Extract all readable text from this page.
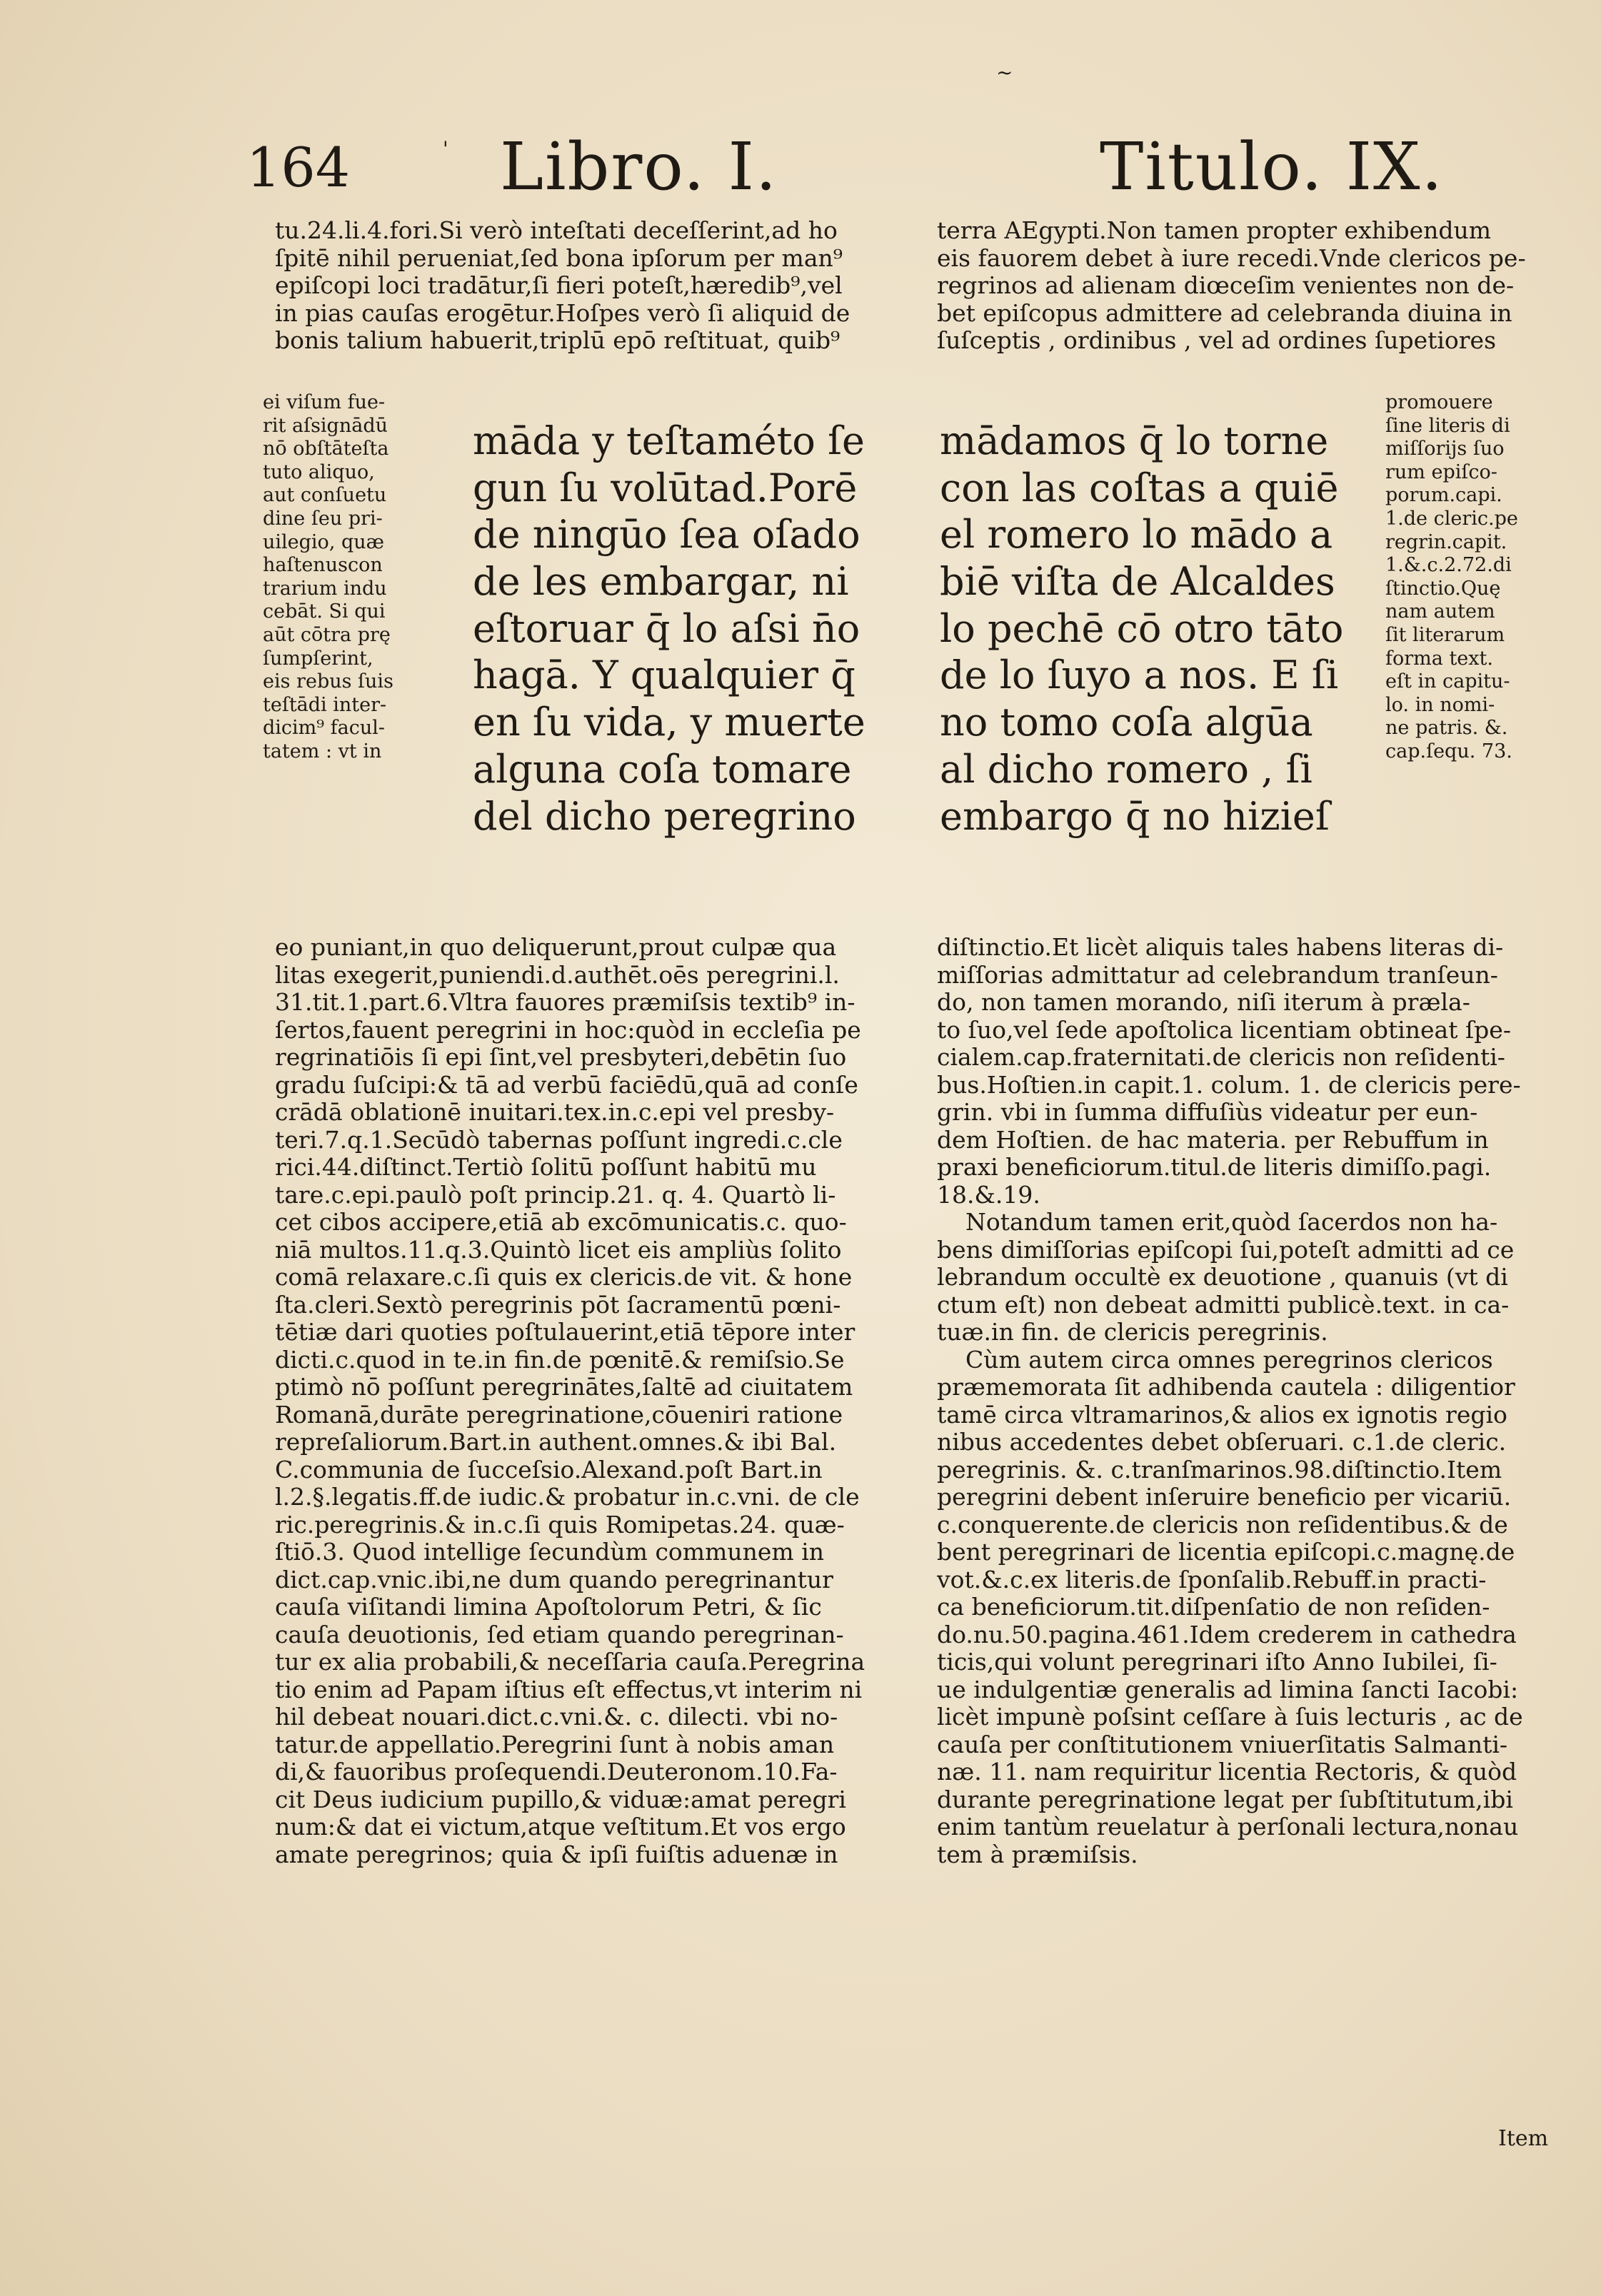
164 Libro. I.	Titulo. IX.
'
~
tu.24.li.4.fori.Si verò inteſtati deceſſerint,ad ho
ſpitē nihil perueniat,ſed bona ipſorum per man⁹
epiſcopi loci tradātur,ſi fieri poteſt,hæredib⁹,vel
in pias cauſas erogētur.Hoſpes verò ſi aliquid de
bonis talium habuerit,triplū epō reſtituat, quib⁹
ei viſum fue-
rit aſsignādū
nō obſtāteſta
tuto aliquo,
aut conſuetu
dine ſeu pri-
uilegio, quæ
haſtenuscon
trarium indu
cebāt. Si qui
aūt cōtra prę
ſumpſerint,
eis rebus ſuis
teſtādi inter-
dicim⁹ facul-
tatem : vt in
māda y teſtaméto ſe
gun ſu volūtad.Porē
de ningūo ſea oſado
de les embargar, ni
eſtoruar q̄ lo aſsi n̄o
hagā. Y qualquier q̄
en ſu vida, y muerte
alguna coſa tomare
del dicho peregrino
eo puniant,in quo deliquerunt,prout culpæ qua
litas exegerit,puniendi.d.authēt.oēs peregrini.l.
31.tit.1.part.6.Vltra fauores præmiſsis textib⁹ in-
ſertos,fauent peregrini in hoc:quòd in eccleſia pe
regrinatiōis ſi epi ſint,vel presbyteri,debētin ſuo
gradu ſuſcipi:& tā ad verbū faciēdū,quā ad conſe
crādā oblationē inuitari.tex.in.c.epi vel presby-
teri.7.q.1.Secūdò tabernas poſſunt ingredi.c.cle
rici.44.diſtinct.Tertiò ſolitū poſſunt habitū mu
tare.c.epi.paulò poſt princip.21. q. 4. Quartò li-
cet cibos accipere,etiā ab excōmunicatis.c. quo-
niā multos.11.q.3.Quintò licet eis ampliùs ſolito
comā relaxare.c.ſi quis ex clericis.de vit. & hone
ſta.cleri.Sextò peregrinis pōt ſacramentū pœni-
tētiæ dari quoties poſtulauerint,etiā tēpore inter
dicti.c.quod in te.in fin.de pœnitē.& remiſsio.Se
ptimò nō poſſunt peregrinātes,ſaltē ad ciuitatem
Romanā,durāte peregrinatione,cōueniri ratione
repreſaliorum.Bart.in authent.omnes.& ibi Bal.
C.communia de ſucceſsio.Alexand.poſt Bart.in
l.2.§.legatis.ff.de iudic.& probatur in.c.vni. de cle
ric.peregrinis.& in.c.ſi quis Romipetas.24. quæ-
ſtiō.3. Quod intellige ſecundùm communem in
dict.cap.vnic.ibi,ne dum quando peregrinantur
cauſa viſitandi limina Apoſtolorum Petri, & ſic
cauſa deuotionis, ſed etiam quando peregrinan-
tur ex alia probabili,& neceſſaria cauſa.Peregrina
tio enim ad Papam iſtius eſt effectus,vt interim ni
hil debeat nouari.dict.c.vni.&. c. dilecti. vbi no-
tatur.de appellatio.Peregrini ſunt à nobis aman
di,& fauoribus proſequendi.Deuteronom.10.Fa-
cit Deus iudicium pupillo,& viduæ:amat peregri
num:& dat ei victum,atque veſtitum.Et vos ergo
amate peregrinos; quia & ipſi fuiſtis aduenæ in
terra AEgypti.Non tamen propter exhibendum
eis fauorem debet à iure recedi.Vnde clericos pe-
regrinos ad alienam diœceſim venientes non de-
bet epiſcopus admittere ad celebranda diuina in
ſuſceptis , ordinibus , vel ad ordines ſupetiores
mādamos q̄ lo torne
con las coſtas a quiē
el romero lo mādo a
biē viſta de Alcaldes
lo pechē cō otro tāto
de lo ſuyo a nos. E ſi
no tomo coſa algūa
al dicho romero , ſi
embargo q̄ no hizieſ
promouere
ſine literis di
miſſorijs ſuo
rum epiſco-
porum.capi.
1.de cleric.pe
regrin.capit.
1.&.c.2.72.di
ſtinctio.Quę
nam autem
ſit literarum
forma text.
eſt in capitu-
lo. in nomi-
ne patris. &.
cap.ſequ. 73.
diſtinctio.Et licèt aliquis tales habens literas di-
miſſorias admittatur ad celebrandum tranſeun-
do, non tamen morando, niſi iterum à præla-
to ſuo,vel ſede apoſtolica licentiam obtineat ſpe-
cialem.cap.fraternitati.de clericis non reſidenti-
bus.Hoſtien.in capit.1. colum. 1. de clericis pere-
grin. vbi in ſumma diffuſiùs videatur per eun-
dem Hoſtien. de hac materia. per Rebuffum in
praxi beneficiorum.titul.de literis dimiſſo.pagi.
18.&.19.
Notandum tamen erit,quòd ſacerdos non ha-
bens dimiſſorias epiſcopi ſui,poteſt admitti ad ce
lebrandum occultè ex deuotione , quanuis (vt di
ctum eſt) non debeat admitti publicè.text. in ca-
tuæ.in fin. de clericis peregrinis.
Cùm autem circa omnes peregrinos clericos
præmemorata ſit adhibenda cautela : diligentior
tamē circa vltramarinos,& alios ex ignotis regio
nibus accedentes debet obſeruari. c.1.de cleric.
peregrinis. &. c.tranſmarinos.98.diſtinctio.Item
peregrini debent inſeruire beneficio per vicariū.
c.conquerente.de clericis non reſidentibus.& de
bent peregrinari de licentia epiſcopi.c.magnę.de
vot.&.c.ex literis.de ſponſalib.Rebuff.in practi-
ca beneficiorum.tit.diſpenſatio de non reſiden-
do.nu.50.pagina.461.Idem crederem in cathedra
ticis,qui volunt peregrinari iſto Anno Iubilei, ſi-
ue indulgentiæ generalis ad limina ſancti Iacobi:
licèt impunè poſsint ceſſare à ſuis lecturis , ac de
cauſa per conſtitutionem vniuerſitatis Salmanti-
næ. 11. nam requiritur licentia Rectoris, & quòd
durante peregrinatione legat per ſubſtitutum,ibi
enim tantùm reuelatur à perſonali lectura,nonau
tem à præmiſsis.
Item
